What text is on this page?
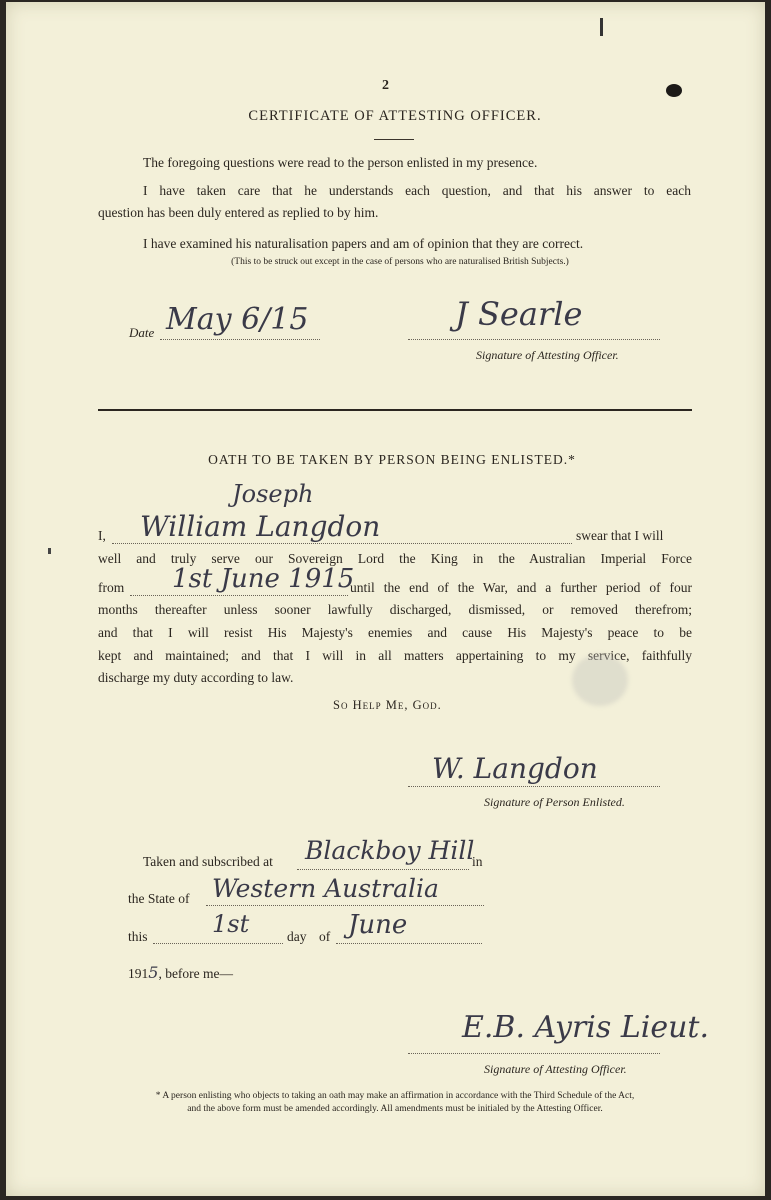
2
CERTIFICATE OF ATTESTING OFFICER.
The foregoing questions were read to the person enlisted in my presence.
I have taken care that he understands each question, and that his answer to each
question has been duly entered as replied to by him.
I have examined his naturalisation papers and am of opinion that they are correct.
(This to be struck out except in the case of persons who are naturalised British Subjects.)
Date May 6/15	J Searle
Signature of Attesting Officer.
OATH TO BE TAKEN BY PERSON BEING ENLISTED.*
Joseph
I, William Langdon	swear that I will
well and truly serve our Sovereign Lord the King in the Australian Imperial Force
from 1st June 1915
until the end of the War, and a further period of four
months thereafter unless sooner lawfully discharged, dismissed, or removed therefrom;
and that I will resist His Majesty's enemies and cause His Majesty's peace to be
kept and maintained; and that I will in all matters appertaining to my service, faithfully
discharge my duty according to law.
So Help Me, God.
W. Langdon
Signature of Person Enlisted.
Taken and subscribed at Blackboy Hill
in
the State of Western Australia
this	1st	day of June
1915, before me—
E.B. Ayris Lieut.
Signature of Attesting Officer.
* A person enlisting who objects to taking an oath may make an affirmation in accordance with the Third Schedule of the Act,
and the above form must be amended accordingly. All amendments must be initialed by the Attesting Officer.
